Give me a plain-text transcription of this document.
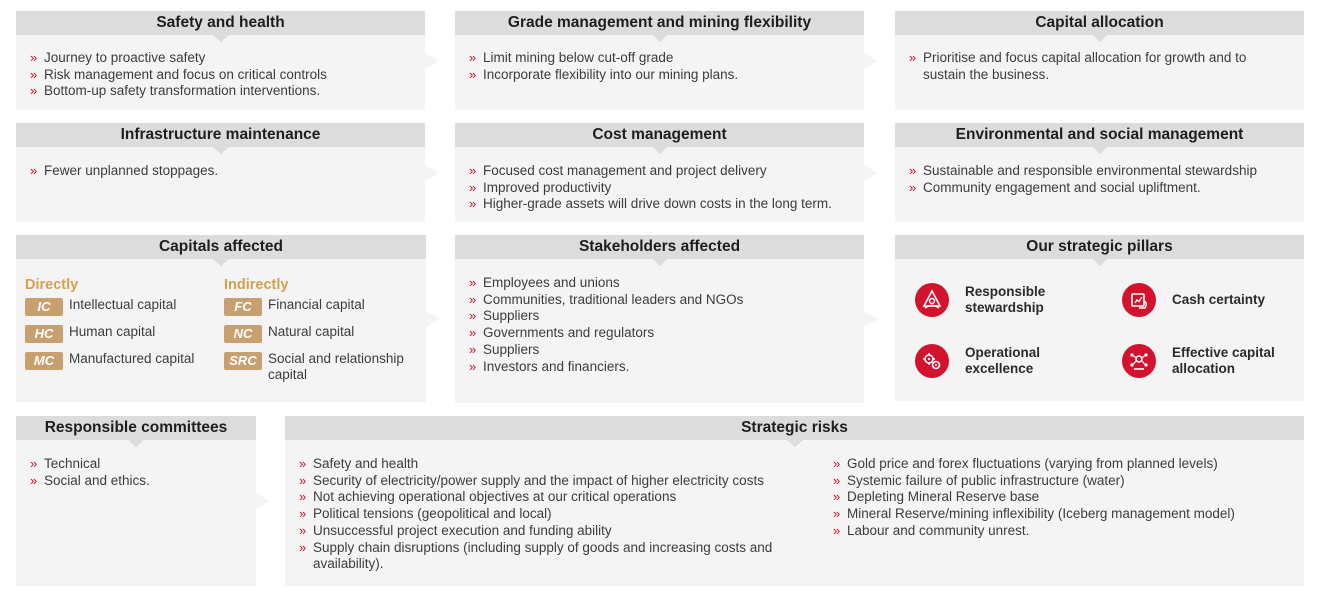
Safety and health
» Journey to proactive safety
» Risk management and focus on critical controls
» Bottom-up safety transformation interventions.
Grade management and mining flexibility
» Limit mining below cut-off grade
» Incorporate flexibility into our mining plans.
Capital allocation
» Prioritise and focus capital allocation for growth and to sustain the business.
Infrastructure maintenance
» Fewer unplanned stoppages.
Cost management
» Focused cost management and project delivery
» Improved productivity
» Higher-grade assets will drive down costs in the long term.
Environmental and social management
» Sustainable and responsible environmental stewardship
» Community engagement and social upliftment.
Capitals affected
Directly
IC	Intellectual capital
HC	Human capital
MC	Manufactured capital
Indirectly
FC	Financial capital
NC	Natural capital
SRC Social and relationship capital
Stakeholders affected
» Employees and unions
» Communities, traditional leaders and NGOs
» Suppliers
» Governments and regulators
» Suppliers
» Investors and financiers.
Our strategic pillars
Responsible stewardship
Cash certainty
Operational excellence
Effective capital allocation
Responsible committees
» Technical
» Social and ethics.
Strategic risks
» Safety and health
» Security of electricity/power supply and the impact of higher electricity costs
» Not achieving operational objectives at our critical operations
» Political tensions (geopolitical and local)
» Unsuccessful project execution and funding ability
» Supply chain disruptions (including supply of goods and increasing costs and availability).
» Gold price and forex fluctuations (varying from planned levels)
» Systemic failure of public infrastructure (water)
» Depleting Mineral Reserve base
» Mineral Reserve/mining inflexibility (Iceberg management model)
» Labour and community unrest.
